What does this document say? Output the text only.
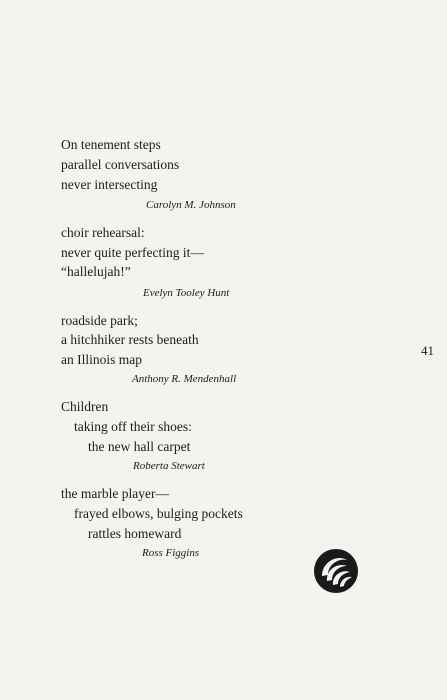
On tenement steps
parallel conversations
never intersecting
Carolyn M. Johnson
choir rehearsal:
never quite perfecting it—
“hallelujah!”
Evelyn Tooley Hunt
roadside park;
a hitchhiker rests beneath
an Illinois map
Anthony R. Mendenhall
41
Children
taking off their shoes:
the new hall carpet
Roberta Stewart
the marble player—
frayed elbows, bulging pockets
rattles homeward
Ross Figgins
